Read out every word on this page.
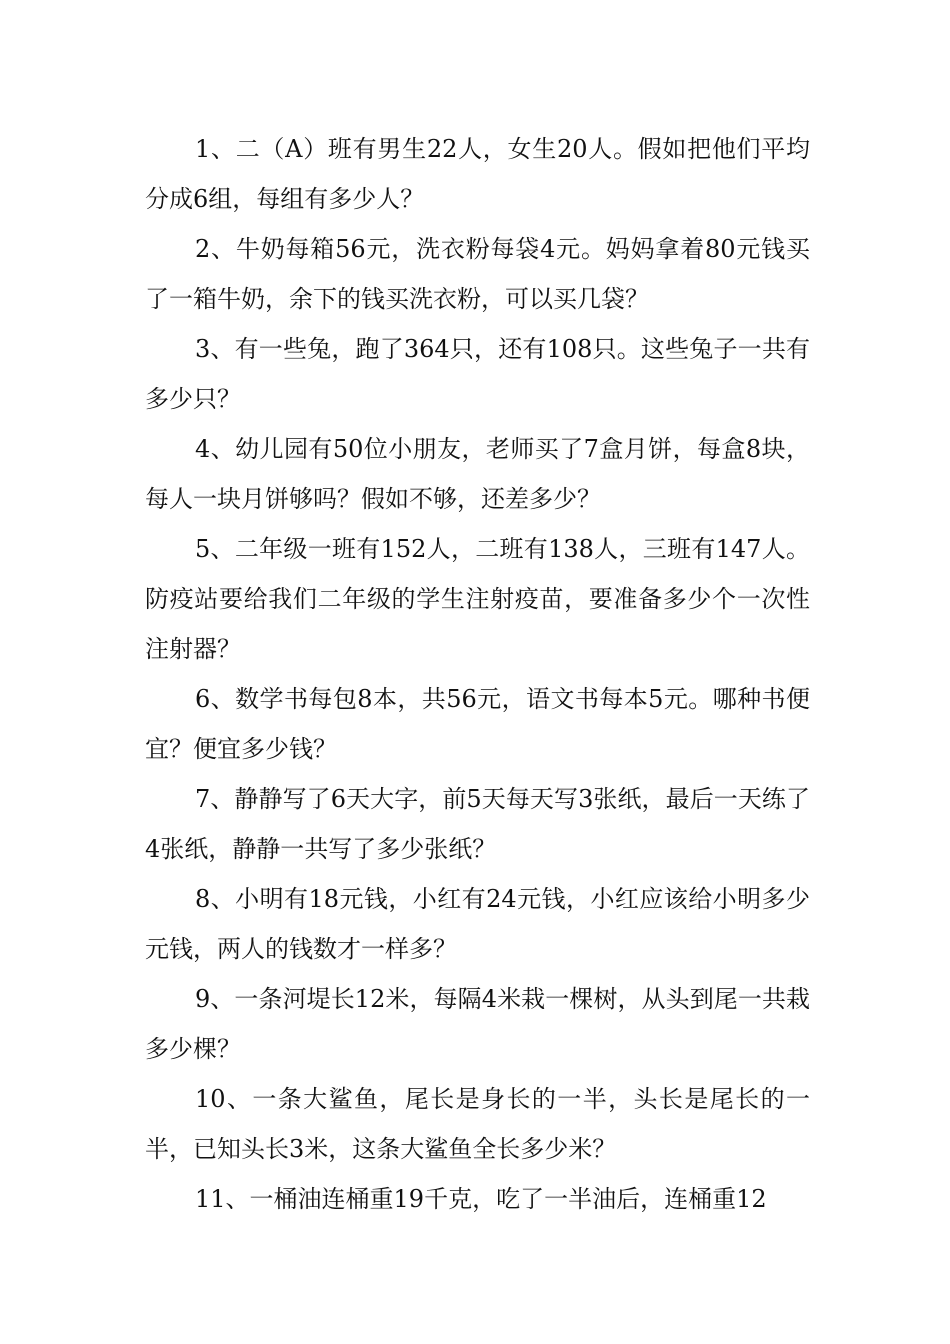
1、二（A）班有男生22人，女生20人。假如把他们平均分成6组，每组有多少人？

2、牛奶每箱56元，洗衣粉每袋4元。妈妈拿着80元钱买了一箱牛奶，余下的钱买洗衣粉，可以买几袋？

3、有一些兔，跑了364只，还有108只。这些兔子一共有多少只？

4、幼儿园有50位小朋友，老师买了7盒月饼，每盒8块，每人一块月饼够吗？假如不够，还差多少？

5、二年级一班有152人，二班有138人，三班有147人。防疫站要给我们二年级的学生注射疫苗，要准备多少个一次性注射器？

6、数学书每包8本，共56元，语文书每本5元。哪种书便宜？便宜多少钱？

7、静静写了6天大字，前5天每天写3张纸，最后一天练了4张纸，静静一共写了多少张纸？

8、小明有18元钱，小红有24元钱，小红应该给小明多少元钱，两人的钱数才一样多？

9、一条河堤长12米，每隔4米栽一棵树，从头到尾一共栽多少棵？

10、一条大鲨鱼，尾长是身长的一半，头长是尾长的一半，已知头长3米，这条大鲨鱼全长多少米？

11、一桶油连桶重19千克，吃了一半油后，连桶重12
